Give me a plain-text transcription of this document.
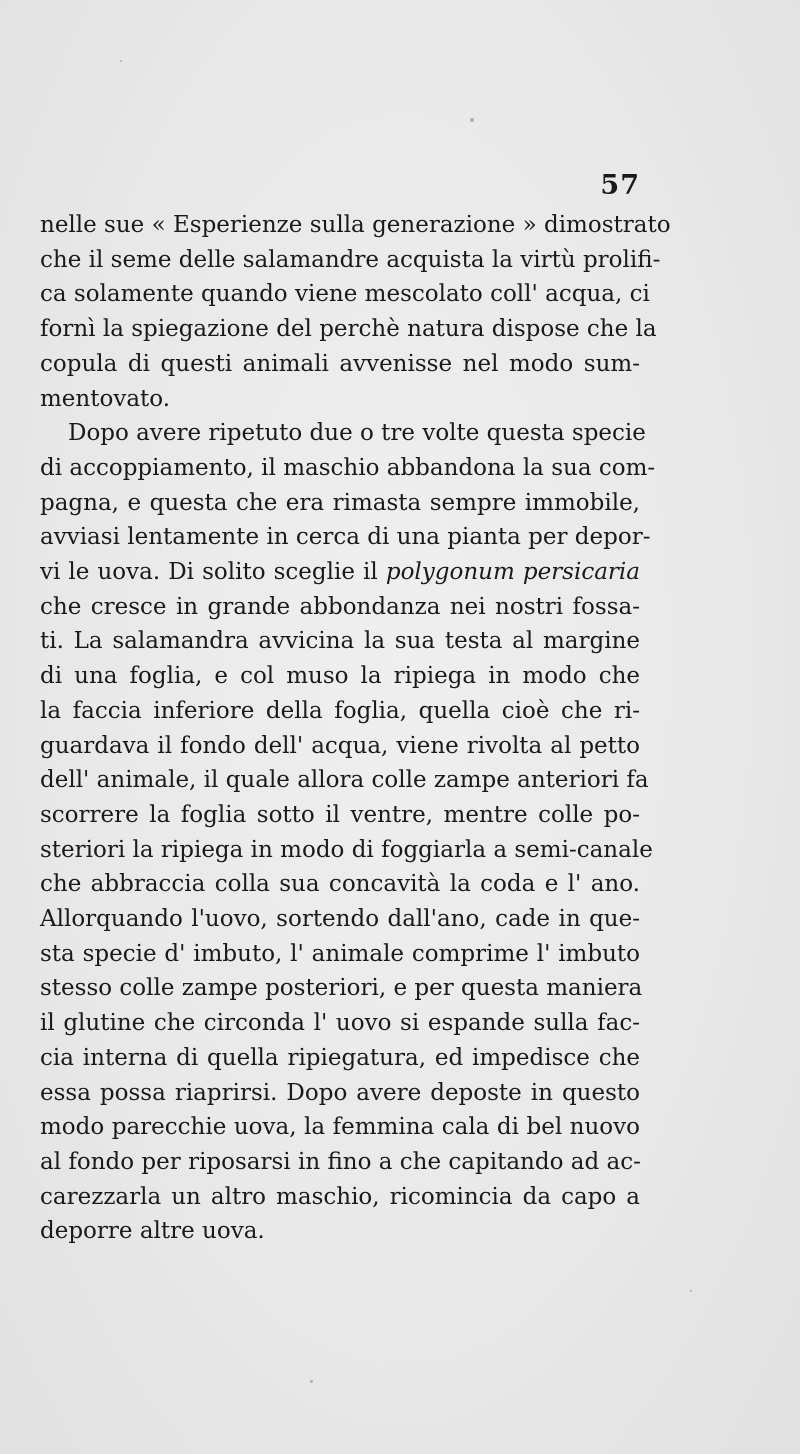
57
nelle sue « Esperienze sulla generazione » dimostrato
che il seme delle salamandre acquista la virtù prolifi-
ca solamente quando viene mescolato coll' acqua, ci
fornì la spiegazione del perchè natura dispose che la
copula di questi animali avvenisse nel modo sum-
mentovato.
Dopo avere ripetuto due o tre volte questa specie
di accoppiamento, il maschio abbandona la sua com-
pagna, e questa che era rimasta sempre immobile,
avviasi lentamente in cerca di una pianta per depor-
vi le uova. Di solito sceglie il polygonum persicaria
che cresce in grande abbondanza nei nostri fossa-
ti. La salamandra avvicina la sua testa al margine
di una foglia, e col muso la ripiega in modo che
la faccia inferiore della foglia, quella cioè che ri-
guardava il fondo dell' acqua, viene rivolta al petto
dell' animale, il quale allora colle zampe anteriori fa
scorrere la foglia sotto il ventre, mentre colle po-
steriori la ripiega in modo di foggiarla a semi-canale
che abbraccia colla sua concavità la coda e l' ano.
Allorquando l'uovo, sortendo dall'ano, cade in que-
sta specie d' imbuto, l' animale comprime l' imbuto
stesso colle zampe posteriori, e per questa maniera
il glutine che circonda l' uovo si espande sulla fac-
cia interna di quella ripiegatura, ed impedisce che
essa possa riaprirsi. Dopo avere deposte in questo
modo parecchie uova, la femmina cala di bel nuovo
al fondo per riposarsi in fino a che capitando ad ac-
carezzarla un altro maschio, ricomincia da capo a
deporre altre uova.
